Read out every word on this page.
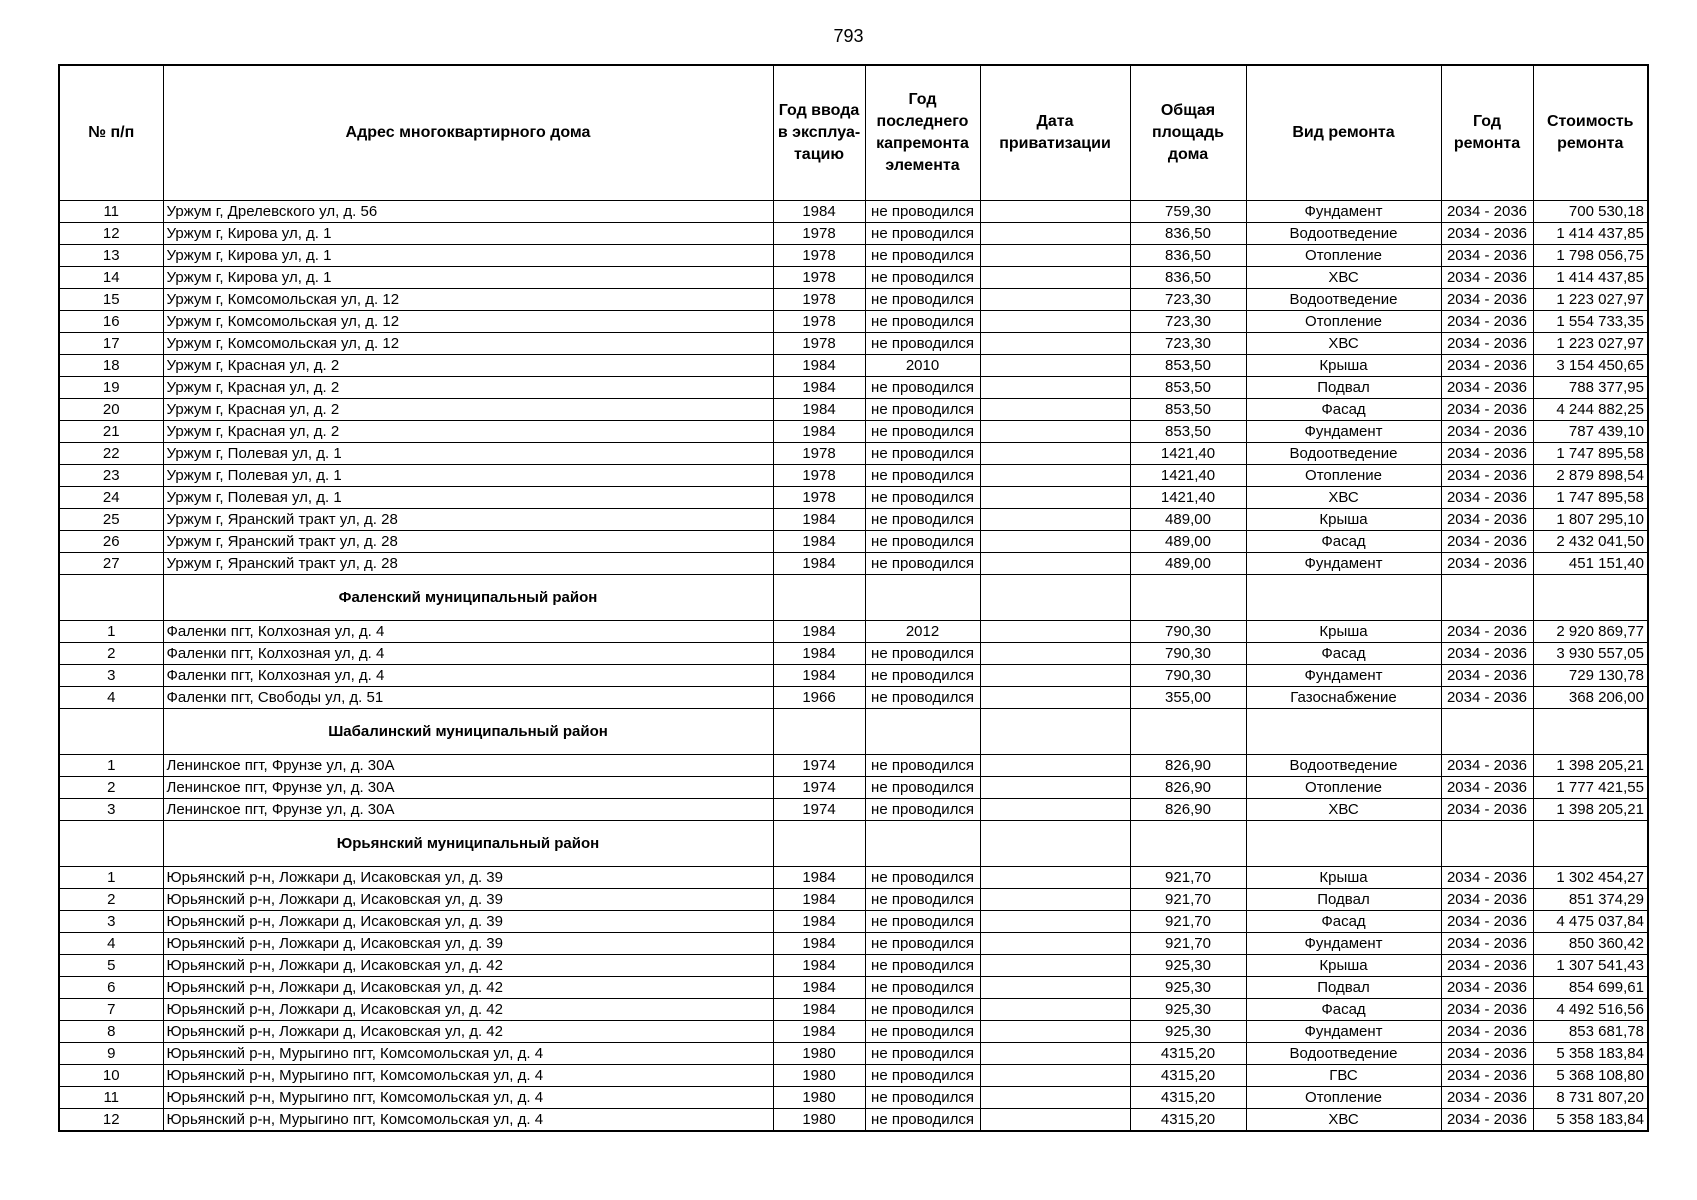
793
№ п/п	Адрес многоквартирного дома	Год ввода в эксплуа-тацию	Год последнего капремонта элемента	Дата приватизации	Общая площадь дома	Вид ремонта	Год ремонта	Стоимость ремонта
11	Уржум г, Дрелевского ул, д. 56	1984	не проводился		759,30	Фундамент	2034 - 2036	700 530,18
12	Уржум г, Кирова ул, д. 1	1978	не проводился		836,50	Водоотведение	2034 - 2036	1 414 437,85
13	Уржум г, Кирова ул, д. 1	1978	не проводился		836,50	Отопление	2034 - 2036	1 798 056,75
14	Уржум г, Кирова ул, д. 1	1978	не проводился		836,50	ХВС	2034 - 2036	1 414 437,85
15	Уржум г, Комсомольская ул, д. 12	1978	не проводился		723,30	Водоотведение	2034 - 2036	1 223 027,97
16	Уржум г, Комсомольская ул, д. 12	1978	не проводился		723,30	Отопление	2034 - 2036	1 554 733,35
17	Уржум г, Комсомольская ул, д. 12	1978	не проводился		723,30	ХВС	2034 - 2036	1 223 027,97
18	Уржум г, Красная ул, д. 2	1984	2010		853,50	Крыша	2034 - 2036	3 154 450,65
19	Уржум г, Красная ул, д. 2	1984	не проводился		853,50	Подвал	2034 - 2036	788 377,95
20	Уржум г, Красная ул, д. 2	1984	не проводился		853,50	Фасад	2034 - 2036	4 244 882,25
21	Уржум г, Красная ул, д. 2	1984	не проводился		853,50	Фундамент	2034 - 2036	787 439,10
22	Уржум г, Полевая ул, д. 1	1978	не проводился		1421,40	Водоотведение	2034 - 2036	1 747 895,58
23	Уржум г, Полевая ул, д. 1	1978	не проводился		1421,40	Отопление	2034 - 2036	2 879 898,54
24	Уржум г, Полевая ул, д. 1	1978	не проводился		1421,40	ХВС	2034 - 2036	1 747 895,58
25	Уржум г, Яранский тракт ул, д. 28	1984	не проводился		489,00	Крыша	2034 - 2036	1 807 295,10
26	Уржум г, Яранский тракт ул, д. 28	1984	не проводился		489,00	Фасад	2034 - 2036	2 432 041,50
27	Уржум г, Яранский тракт ул, д. 28	1984	не проводился		489,00	Фундамент	2034 - 2036	451 151,40
	Фаленский муниципальный район							
1	Фаленки пгт, Колхозная ул, д. 4	1984	2012		790,30	Крыша	2034 - 2036	2 920 869,77
2	Фаленки пгт, Колхозная ул, д. 4	1984	не проводился		790,30	Фасад	2034 - 2036	3 930 557,05
3	Фаленки пгт, Колхозная ул, д. 4	1984	не проводился		790,30	Фундамент	2034 - 2036	729 130,78
4	Фаленки пгт, Свободы ул, д. 51	1966	не проводился		355,00	Газоснабжение	2034 - 2036	368 206,00
	Шабалинский муниципальный район							
1	Ленинское пгт, Фрунзе ул, д. 30А	1974	не проводился		826,90	Водоотведение	2034 - 2036	1 398 205,21
2	Ленинское пгт, Фрунзе ул, д. 30А	1974	не проводился		826,90	Отопление	2034 - 2036	1 777 421,55
3	Ленинское пгт, Фрунзе ул, д. 30А	1974	не проводился		826,90	ХВС	2034 - 2036	1 398 205,21
	Юрьянский муниципальный район							
1	Юрьянский р-н, Ложкари д, Исаковская ул, д. 39	1984	не проводился		921,70	Крыша	2034 - 2036	1 302 454,27
2	Юрьянский р-н, Ложкари д, Исаковская ул, д. 39	1984	не проводился		921,70	Подвал	2034 - 2036	851 374,29
3	Юрьянский р-н, Ложкари д, Исаковская ул, д. 39	1984	не проводился		921,70	Фасад	2034 - 2036	4 475 037,84
4	Юрьянский р-н, Ложкари д, Исаковская ул, д. 39	1984	не проводился		921,70	Фундамент	2034 - 2036	850 360,42
5	Юрьянский р-н, Ложкари д, Исаковская ул, д. 42	1984	не проводился		925,30	Крыша	2034 - 2036	1 307 541,43
6	Юрьянский р-н, Ложкари д, Исаковская ул, д. 42	1984	не проводился		925,30	Подвал	2034 - 2036	854 699,61
7	Юрьянский р-н, Ложкари д, Исаковская ул, д. 42	1984	не проводился		925,30	Фасад	2034 - 2036	4 492 516,56
8	Юрьянский р-н, Ложкари д, Исаковская ул, д. 42	1984	не проводился		925,30	Фундамент	2034 - 2036	853 681,78
9	Юрьянский р-н, Мурыгино пгт, Комсомольская ул, д. 4	1980	не проводился		4315,20	Водоотведение	2034 - 2036	5 358 183,84
10	Юрьянский р-н, Мурыгино пгт, Комсомольская ул, д. 4	1980	не проводился		4315,20	ГВС	2034 - 2036	5 368 108,80
11	Юрьянский р-н, Мурыгино пгт, Комсомольская ул, д. 4	1980	не проводился		4315,20	Отопление	2034 - 2036	8 731 807,20
12	Юрьянский р-н, Мурыгино пгт, Комсомольская ул, д. 4	1980	не проводился		4315,20	ХВС	2034 - 2036	5 358 183,84
